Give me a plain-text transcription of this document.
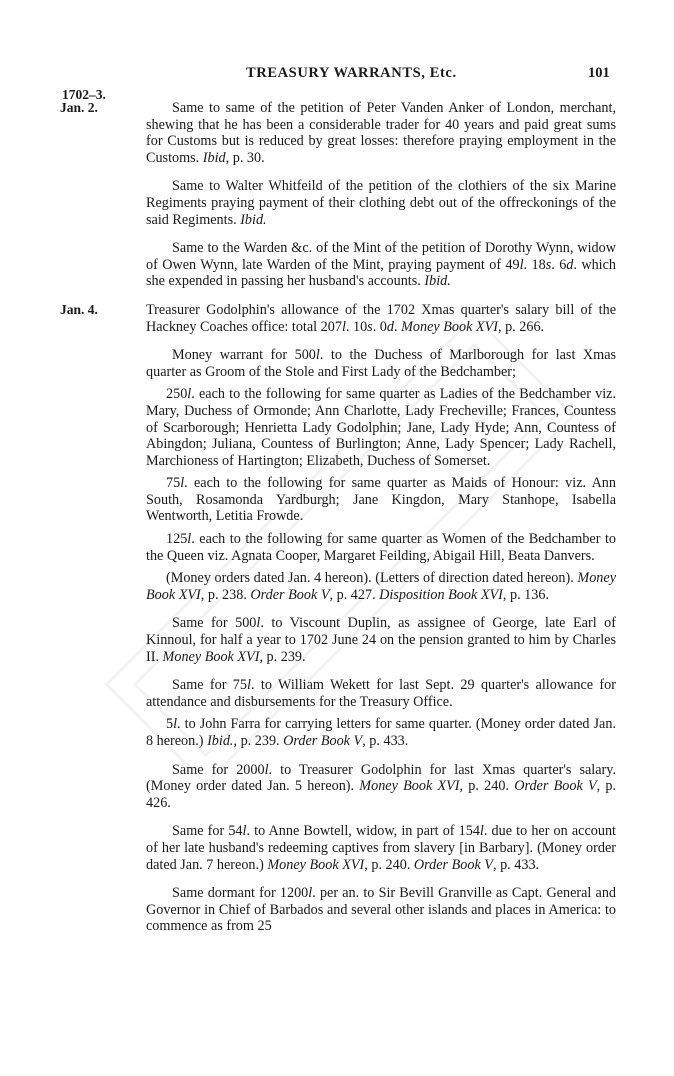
TREASURY WARRANTS, Etc.	101
1702–3.
Jan. 2.	Same to same of the petition of Peter Vanden Anker of London, merchant, shewing that he has been a considerable trader for 40 years and paid great sums for Customs but is reduced by great losses: therefore praying employment in the Customs. Ibid, p. 30.
Same to Walter Whitfeild of the petition of the clothiers of the six Marine Regiments praying payment of their clothing debt out of the offreckonings of the said Regiments. Ibid.
Same to the Warden &c. of the Mint of the petition of Dorothy Wynn, widow of Owen Wynn, late Warden of the Mint, praying payment of 49l. 18s. 6d. which she expended in passing her husband's accounts. Ibid.
Jan. 4.	Treasurer Godolphin's allowance of the 1702 Xmas quarter's salary bill of the Hackney Coaches office: total 207l. 10s. 0d. Money Book XVI, p. 266.
Money warrant for 500l. to the Duchess of Marlborough for last Xmas quarter as Groom of the Stole and First Lady of the Bedchamber;
250l. each to the following for same quarter as Ladies of the Bedchamber viz. Mary, Duchess of Ormonde; Ann Charlotte, Lady Frecheville; Frances, Countess of Scarborough; Henrietta Lady Godolphin; Jane, Lady Hyde; Ann, Countess of Abingdon; Juliana, Countess of Burlington; Anne, Lady Spencer; Lady Rachell, Marchioness of Hartington; Elizabeth, Duchess of Somerset.
75l. each to the following for same quarter as Maids of Honour: viz. Ann South, Rosamonda Yardburgh; Jane Kingdon, Mary Stanhope, Isabella Wentworth, Letitia Frowde.
125l. each to the following for same quarter as Women of the Bedchamber to the Queen viz. Agnata Cooper, Margaret Feilding, Abigail Hill, Beata Danvers.
(Money orders dated Jan. 4 hereon). (Letters of direction dated hereon). Money Book XVI, p. 238. Order Book V, p. 427. Disposition Book XVI, p. 136.
Same for 500l. to Viscount Duplin, as assignee of George, late Earl of Kinnoul, for half a year to 1702 June 24 on the pension granted to him by Charles II. Money Book XVI, p. 239.
Same for 75l. to William Wekett for last Sept. 29 quarter's allowance for attendance and disbursements for the Treasury Office.
5l. to John Farra for carrying letters for same quarter. (Money order dated Jan. 8 hereon.) Ibid., p. 239. Order Book V, p. 433.
Same for 2000l. to Treasurer Godolphin for last Xmas quarter's salary. (Money order dated Jan. 5 hereon). Money Book XVI, p. 240. Order Book V, p. 426.
Same for 54l. to Anne Bowtell, widow, in part of 154l. due to her on account of her late husband's redeeming captives from slavery [in Barbary]. (Money order dated Jan. 7 hereon.) Money Book XVI, p. 240. Order Book V, p. 433.
Same dormant for 1200l. per an. to Sir Bevill Granville as Capt. General and Governor in Chief of Barbados and several other islands and places in America: to commence as from 25
